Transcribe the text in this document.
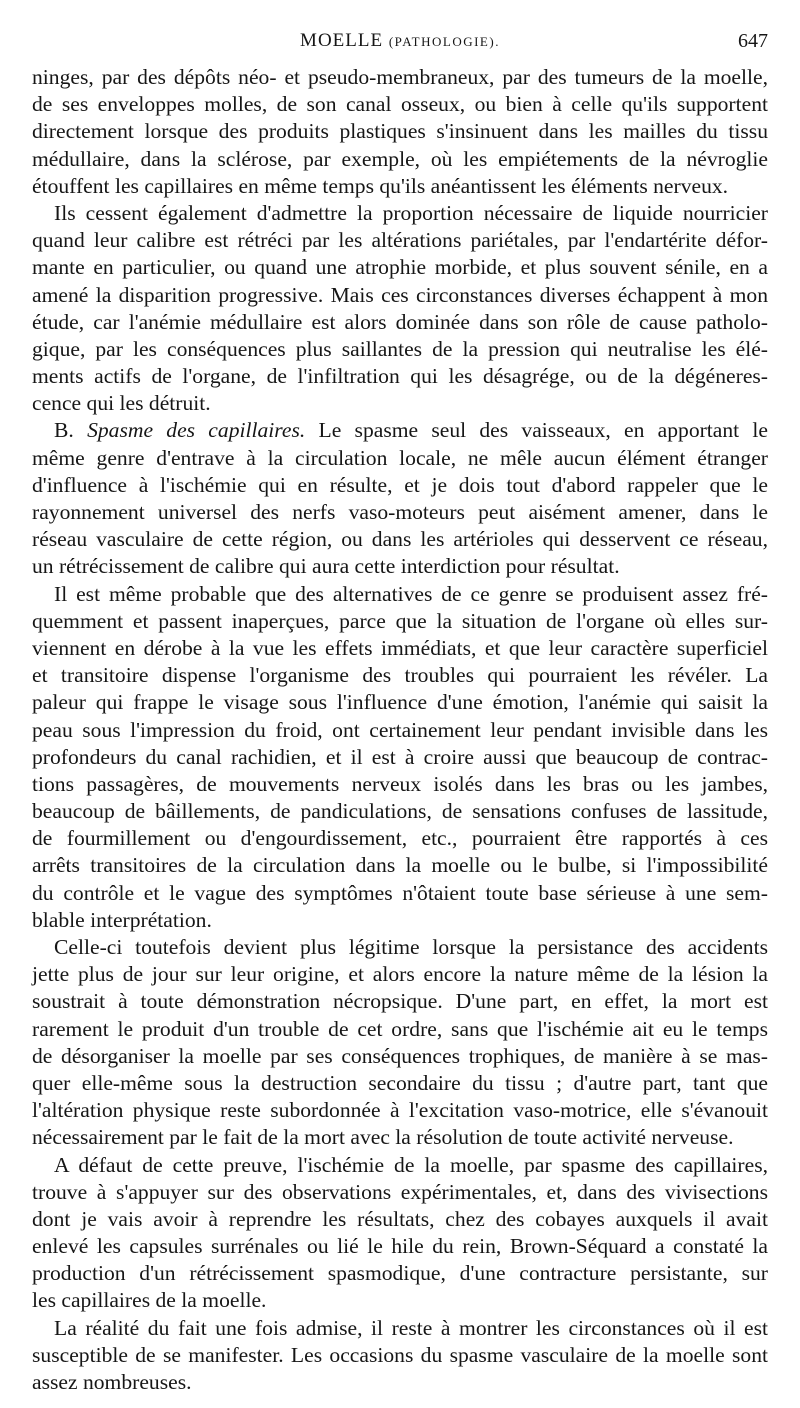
MOELLE (PATHOLOGIE).	647
ninges, par des dépôts néo- et pseudo-membraneux, par des tumeurs de la moelle,
de ses enveloppes molles, de son canal osseux, ou bien à celle qu'ils supportent
directement lorsque des produits plastiques s'insinuent dans les mailles du tissu
médullaire, dans la sclérose, par exemple, où les empiétements de la névroglie
étouffent les capillaires en même temps qu'ils anéantissent les éléments nerveux.
Ils cessent également d'admettre la proportion nécessaire de liquide nourricier
quand leur calibre est rétréci par les altérations pariétales, par l'endartérite défor-
mante en particulier, ou quand une atrophie morbide, et plus souvent sénile, en a
amené la disparition progressive. Mais ces circonstances diverses échappent à mon
étude, car l'anémie médullaire est alors dominée dans son rôle de cause patholo-
gique, par les conséquences plus saillantes de la pression qui neutralise les élé-
ments actifs de l'organe, de l'infiltration qui les désagrége, ou de la dégéneres-
cence qui les détruit.
B. Spasme des capillaires. Le spasme seul des vaisseaux, en apportant le
même genre d'entrave à la circulation locale, ne mêle aucun élément étranger
d'influence à l'ischémie qui en résulte, et je dois tout d'abord rappeler que le
rayonnement universel des nerfs vaso-moteurs peut aisément amener, dans le
réseau vasculaire de cette région, ou dans les artérioles qui desservent ce réseau,
un rétrécissement de calibre qui aura cette interdiction pour résultat.
Il est même probable que des alternatives de ce genre se produisent assez fré-
quemment et passent inaperçues, parce que la situation de l'organe où elles sur-
viennent en dérobe à la vue les effets immédiats, et que leur caractère superficiel
et transitoire dispense l'organisme des troubles qui pourraient les révéler. La
paleur qui frappe le visage sous l'influence d'une émotion, l'anémie qui saisit la
peau sous l'impression du froid, ont certainement leur pendant invisible dans les
profondeurs du canal rachidien, et il est à croire aussi que beaucoup de contrac-
tions passagères, de mouvements nerveux isolés dans les bras ou les jambes,
beaucoup de bâillements, de pandiculations, de sensations confuses de lassitude,
de fourmillement ou d'engourdissement, etc., pourraient être rapportés à ces
arrêts transitoires de la circulation dans la moelle ou le bulbe, si l'impossibilité
du contrôle et le vague des symptômes n'ôtaient toute base sérieuse à une sem-
blable interprétation.
Celle-ci toutefois devient plus légitime lorsque la persistance des accidents
jette plus de jour sur leur origine, et alors encore la nature même de la lésion la
soustrait à toute démonstration nécropsique. D'une part, en effet, la mort est
rarement le produit d'un trouble de cet ordre, sans que l'ischémie ait eu le temps
de désorganiser la moelle par ses conséquences trophiques, de manière à se mas-
quer elle-même sous la destruction secondaire du tissu ; d'autre part, tant que
l'altération physique reste subordonnée à l'excitation vaso-motrice, elle s'évanouit
nécessairement par le fait de la mort avec la résolution de toute activité nerveuse.
A défaut de cette preuve, l'ischémie de la moelle, par spasme des capillaires,
trouve à s'appuyer sur des observations expérimentales, et, dans des vivisections
dont je vais avoir à reprendre les résultats, chez des cobayes auxquels il avait
enlevé les capsules surrénales ou lié le hile du rein, Brown-Séquard a constaté la
production d'un rétrécissement spasmodique, d'une contracture persistante, sur
les capillaires de la moelle.
La réalité du fait une fois admise, il reste à montrer les circonstances où il est
susceptible de se manifester. Les occasions du spasme vasculaire de la moelle sont
assez nombreuses.
